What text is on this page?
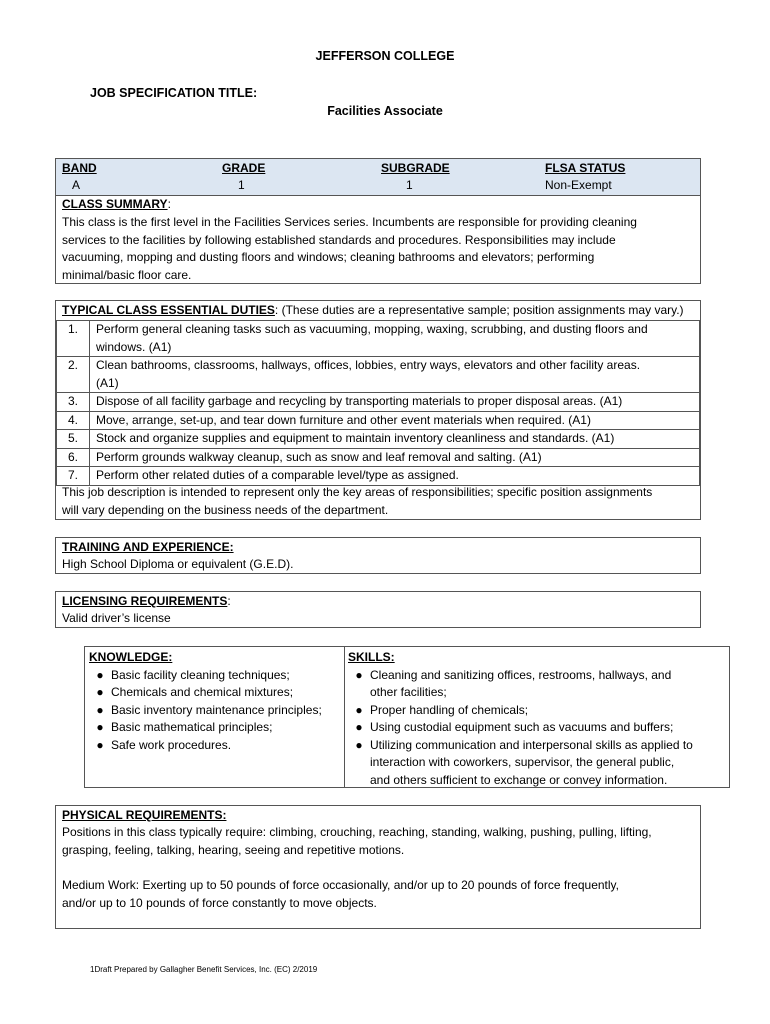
JEFFERSON COLLEGE
JOB SPECIFICATION TITLE:
Facilities Associate
BAND	GRADE	SUBGRADE	FLSA STATUS
A	1	1	Non-Exempt
CLASS SUMMARY:
This class is the first level in the Facilities Services series. Incumbents are responsible for providing cleaning
services to the facilities by following established standards and procedures. Responsibilities may include
vacuuming, mopping and dusting floors and windows; cleaning bathrooms and elevators; performing
minimal/basic floor care.
TYPICAL CLASS ESSENTIAL DUTIES: (These duties are a representative sample; position assignments may vary.)
1.	Perform general cleaning tasks such as vacuuming, mopping, waxing, scrubbing, and dusting floors and
windows. (A1)

2.	Clean bathrooms, classrooms, hallways, offices, lobbies, entry ways, elevators and other facility areas.
(A1)

3.	Dispose of all facility garbage and recycling by transporting materials to proper disposal areas. (A1)
4.	Move, arrange, set-up, and tear down furniture and other event materials when required. (A1)
5.	Stock and organize supplies and equipment to maintain inventory cleanliness and standards. (A1)
6.	Perform grounds walkway cleanup, such as snow and leaf removal and salting. (A1)
7.	Perform other related duties of a comparable level/type as assigned.
This job description is intended to represent only the key areas of responsibilities; specific position assignments
will vary depending on the business needs of the department.
TRAINING AND EXPERIENCE:
High School Diploma or equivalent (G.E.D).
LICENSING REQUIREMENTS:
Valid driver’s license
KNOWLEDGE:
● Basic facility cleaning techniques;
● Chemicals and chemical mixtures;
● Basic inventory maintenance principles;
● Basic mathematical principles;
● Safe work procedures.
SKILLS:
● Cleaning and sanitizing offices, restrooms, hallways, and
other facilities;
● Proper handling of chemicals;
● Using custodial equipment such as vacuums and buffers;
● Utilizing communication and interpersonal skills as applied to
interaction with coworkers, supervisor, the general public,
and others sufficient to exchange or convey information.
PHYSICAL REQUIREMENTS:
Positions in this class typically require: climbing, crouching, reaching, standing, walking, pushing, pulling, lifting,
grasping, feeling, talking, hearing, seeing and repetitive motions.
Medium Work: Exerting up to 50 pounds of force occasionally, and/or up to 20 pounds of force frequently,
and/or up to 10 pounds of force constantly to move objects.
1Draft Prepared by Gallagher Benefit Services, Inc. (EC) 2/2019
